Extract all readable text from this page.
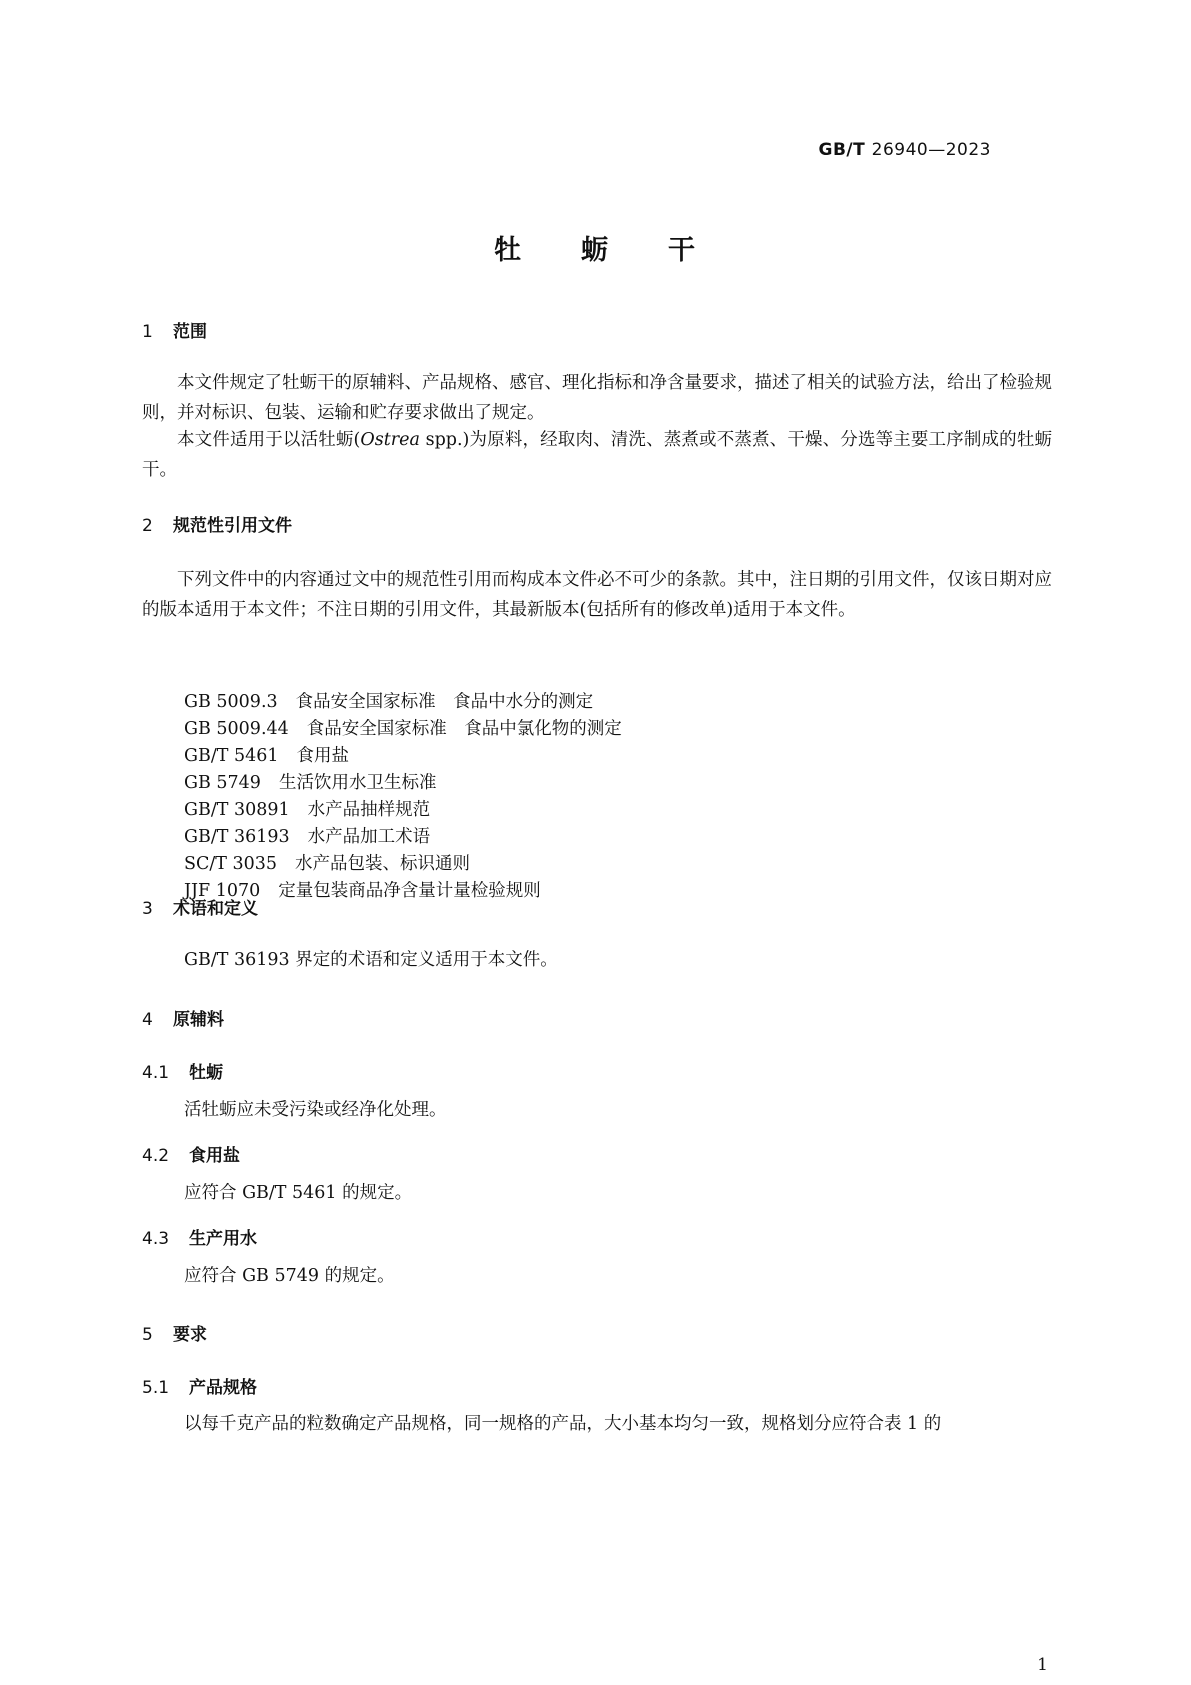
GB/T 26940—2023
牡　　蛎　　干
1 范围
本文件规定了牡蛎干的原辅料、产品规格、感官、理化指标和净含量要求，描述了相关的试验方法，给出了检验规则，并对标识、包装、运输和贮存要求做出了规定。
本文件适用于以活牡蛎(Ostrea spp.)为原料，经取肉、清洗、蒸煮或不蒸煮、干燥、分选等主要工序制成的牡蛎干。
2 规范性引用文件
下列文件中的内容通过文中的规范性引用而构成本文件必不可少的条款。其中，注日期的引用文件，仅该日期对应的版本适用于本文件；不注日期的引用文件，其最新版本(包括所有的修改单)适用于本文件。
GB 5009.3 食品安全国家标准　食品中水分的测定
GB 5009.44 食品安全国家标准　食品中氯化物的测定
GB/T 5461 食用盐
GB 5749 生活饮用水卫生标准
GB/T 30891 水产品抽样规范
GB/T 36193 水产品加工术语
SC/T 3035 水产品包装、标识通则
JJF 1070 定量包装商品净含量计量检验规则
3 术语和定义
GB/T 36193 界定的术语和定义适用于本文件。
4 原辅料
4.1 牡蛎
活牡蛎应未受污染或经净化处理。
4.2 食用盐
应符合 GB/T 5461 的规定。
4.3 生产用水
应符合 GB 5749 的规定。
5 要求
5.1 产品规格
以每千克产品的粒数确定产品规格，同一规格的产品，大小基本均匀一致，规格划分应符合表 1 的
1
